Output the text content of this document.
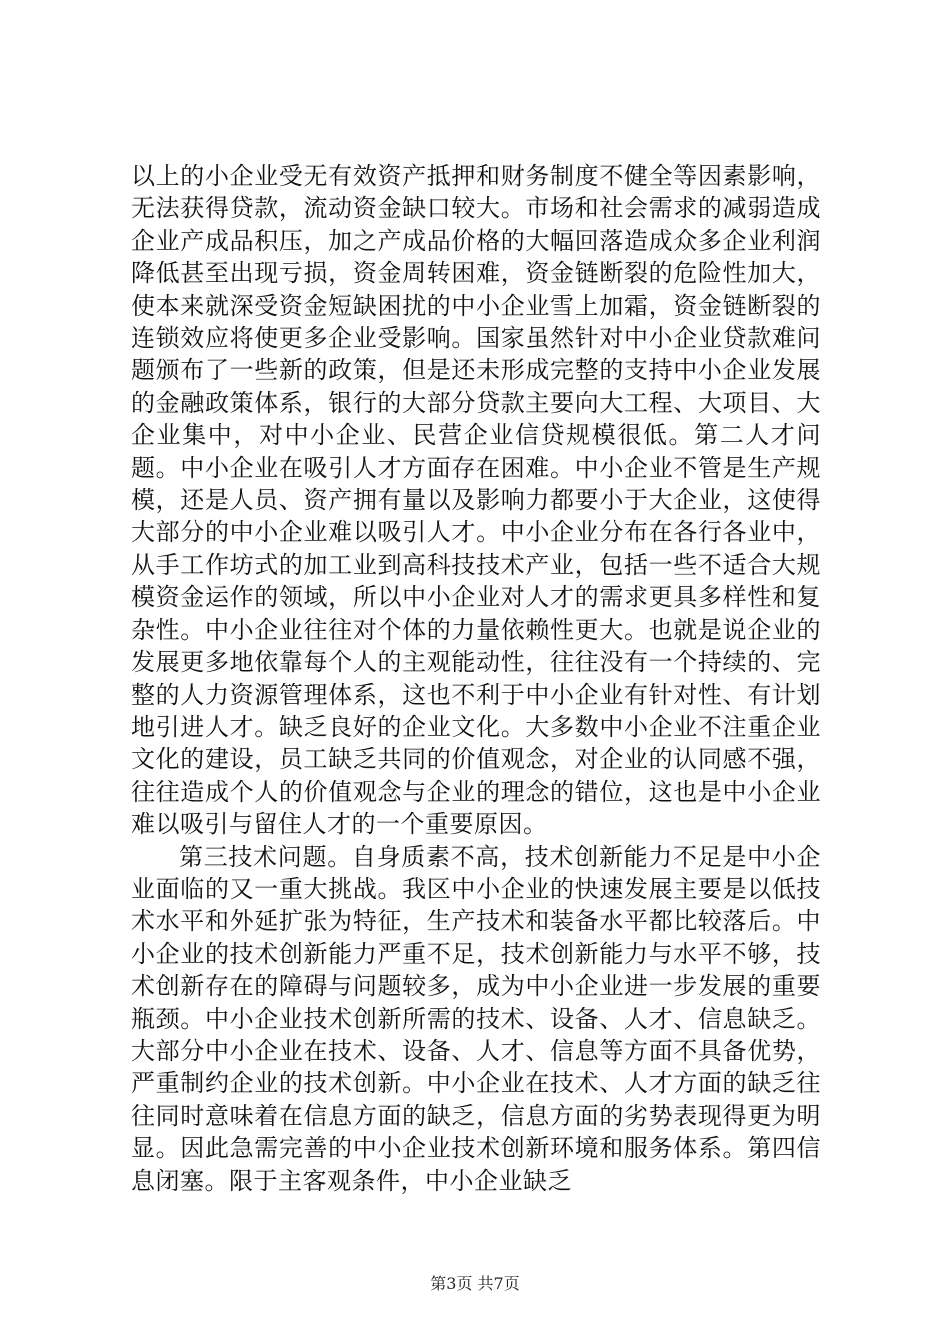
以上的小企业受无有效资产抵押和财务制度不健全等因素影响，无法获得贷款，流动资金缺口较大。市场和社会需求的减弱造成企业产成品积压，加之产成品价格的大幅回落造成众多企业利润降低甚至出现亏损，资金周转困难，资金链断裂的危险性加大，使本来就深受资金短缺困扰的中小企业雪上加霜，资金链断裂的连锁效应将使更多企业受影响。国家虽然针对中小企业贷款难问题颁布了一些新的政策，但是还未形成完整的支持中小企业发展的金融政策体系，银行的大部分贷款主要向大工程、大项目、大企业集中，对中小企业、民营企业信贷规模很低。第二人才问题。中小企业在吸引人才方面存在困难。中小企业不管是生产规模，还是人员、资产拥有量以及影响力都要小于大企业，这使得大部分的中小企业难以吸引人才。中小企业分布在各行各业中，从手工作坊式的加工业到高科技技术产业，包括一些不适合大规模资金运作的领域，所以中小企业对人才的需求更具多样性和复杂性。中小企业往往对个体的力量依赖性更大。也就是说企业的发展更多地依靠每个人的主观能动性，往往没有一个持续的、完整的人力资源管理体系，这也不利于中小企业有针对性、有计划地引进人才。缺乏良好的企业文化。大多数中小企业不注重企业文化的建设，员工缺乏共同的价值观念，对企业的认同感不强，往往造成个人的价值观念与企业的理念的错位，这也是中小企业难以吸引与留住人才的一个重要原因。

第三技术问题。自身质素不高，技术创新能力不足是中小企业面临的又一重大挑战。我区中小企业的快速发展主要是以低技术水平和外延扩张为特征，生产技术和装备水平都比较落后。中小企业的技术创新能力严重不足，技术创新能力与水平不够，技术创新存在的障碍与问题较多，成为中小企业进一步发展的重要瓶颈。中小企业技术创新所需的技术、设备、人才、信息缺乏。大部分中小企业在技术、设备、人才、信息等方面不具备优势，严重制约企业的技术创新。中小企业在技术、人才方面的缺乏往往同时意味着在信息方面的缺乏，信息方面的劣势表现得更为明显。因此急需完善的中小企业技术创新环境和服务体系。第四信息闭塞。限于主客观条件，中小企业缺乏

第3页 共7页
